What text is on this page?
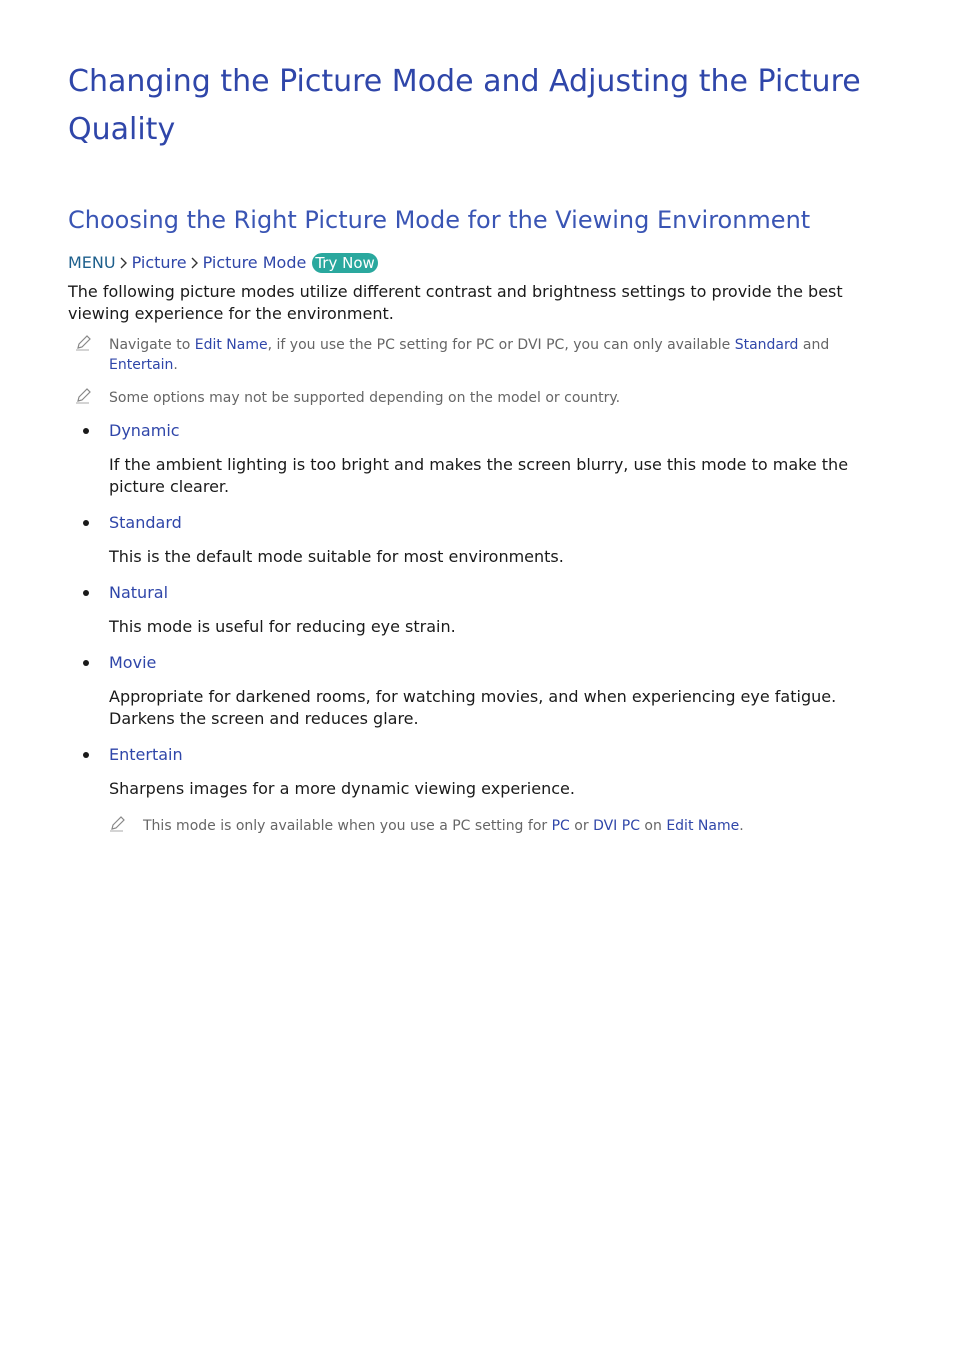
Changing the Picture Mode and Adjusting the Picture Quality
Choosing the Right Picture Mode for the Viewing Environment
MENU Picture Picture Mode Try Now

The following picture modes utilize different contrast and brightness settings to provide the best viewing experience for the environment.

Navigate to Edit Name, if you use the PC setting for PC or DVI PC, you can only available Standard and Entertain.

Some options may not be supported depending on the model or country.

Dynamic

If the ambient lighting is too bright and makes the screen blurry, use this mode to make the picture clearer.

Standard

This is the default mode suitable for most environments.

Natural

This mode is useful for reducing eye strain.

Movie

Appropriate for darkened rooms, for watching movies, and when experiencing eye fatigue. Darkens the screen and reduces glare.

Entertain

Sharpens images for a more dynamic viewing experience.

This mode is only available when you use a PC setting for PC or DVI PC on Edit Name.
